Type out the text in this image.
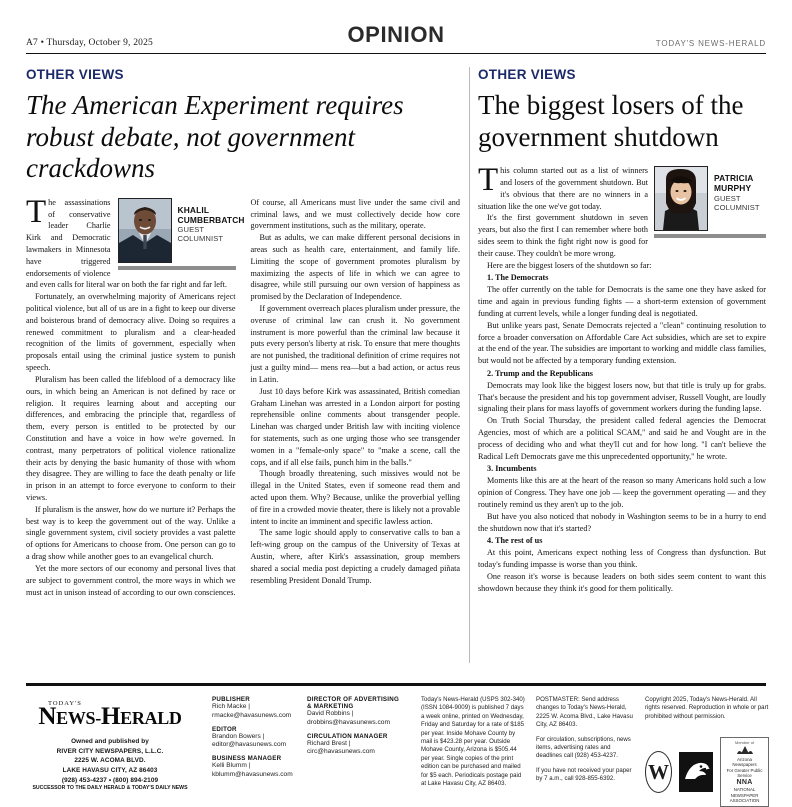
A7 • Thursday, October 9, 2025	OPINION	TODAY'S NEWS-HERALD
OTHER VIEWS
The American Experiment requires robust debate, not government crackdowns
KHALIL
CUMBERBATCH
GUEST
COLUMNIST

The assassinations of conservative leader Charlie Kirk and Democratic lawmakers in Minnesota have triggered endorsements of violence and even calls for literal war on both the far right and far left.

Fortunately, an overwhelming majority of Americans reject political violence, but all of us are in a fight to keep our diverse and boisterous brand of democracy alive. Doing so requires a renewed commitment to pluralism and a clear-headed recognition of the limits of government, especially when proposals entail using the criminal justice system to punish speech.

Pluralism has been called the lifeblood of a democracy like ours, in which being an American is not defined by race or religion. It requires learning about and accepting our differences, and embracing the principle that, regardless of them, every person is entitled to be protected by our Constitution and have a voice in how we're governed. In contrast, many perpetrators of political violence rationalize their acts by denying the basic humanity of those with whom they disagree. They are willing to face the death penalty or life in prison in an attempt to force everyone to conform to their views.

If pluralism is the answer, how do we nurture it? Perhaps the best way is to keep the government out of the way. Unlike a single government system, civil society provides a vast palette of options for Americans to choose from. One person can go to a drag show while another goes to an evangelical church.

Yet the more sectors of our economy and personal lives that are subject to government control, the more ways in which we must act in unison instead of according to our own consciences. Of course, all Americans must live under the same civil and criminal laws, and we must collectively decide how core government institutions, such as the military, operate.

But as adults, we can make different personal decisions in areas such as health care, entertainment, and family life. Limiting the scope of government promotes pluralism by maximizing the aspects of life in which we can agree to disagree, while still pursuing our own version of happiness as promised by the Declaration of Independence.

If government overreach places pluralism under pressure, the overuse of criminal law can crush it. No government instrument is more powerful than the criminal law because it puts every person's liberty at risk. To ensure that mere thoughts are not punished, the traditional definition of crime requires not just a guilty mind— mens rea—but a bad action, or actus reus in Latin.

Just 10 days before Kirk was assassinated, British comedian Graham Linehan was arrested in a London airport for posting reprehensible online comments about transgender people. Linehan was charged under British law with inciting violence for statements, such as one urging those who see transgender women in a "female-only space" to "make a scene, call the cops, and if all else fails, punch him in the balls."

Though broadly threatening, such missives would not be illegal in the United States, even if someone read them and acted upon them. Why? Because, unlike the proverbial yelling of fire in a crowded movie theater, there is likely not a provable intent to incite an imminent and specific lawless action.

The same logic should apply to conservative calls to ban a left-wing group on the campus of the University of Texas at Austin, where, after Kirk's assassination, group members shared a social media post depicting a crudely damaged piñata resembling President Donald Trump.

OTHER VIEWS
The biggest losers of the government shutdown
PATRICIA
MURPHY
GUEST
COLUMNIST

This column started out as a list of winners and losers of the government shutdown. But it's obvious that there are no winners in a situation like the one we've got today.

It's the first government shutdown in seven years, but also the first I can remember where both sides seem to think the fight right now is good for their cause. They couldn't be more wrong.

Here are the biggest losers of the shutdown so far:

1. The Democrats

The offer currently on the table for Democrats is the same one they have asked for time and again in previous funding fights — a short-term extension of government funding at current levels, while a longer funding deal is negotiated.

But unlike years past, Senate Democrats rejected a "clean" continuing resolution to force a broader conversation on Affordable Care Act subsidies, which are set to expire at the end of the year. The subsidies are important to working and middle class families, but would not be affected by a temporary funding extension.

2. Trump and the Republicans

Democrats may look like the biggest losers now, but that title is truly up for grabs. That's because the president and his top government adviser, Russell Vought, are loudly signaling their plans for mass layoffs of government workers during the funding lapse.

On Truth Social Thursday, the president called federal agencies the Democrat Agencies, most of which are a political SCAM," and said he and Vought are in the process of deciding who and what they'll cut and for how long. "I can't believe the Radical Left Democrats gave me this unprecedented opportunity," he wrote.

3. Incumbents

Moments like this are at the heart of the reason so many Americans hold such a low opinion of Congress. They have one job — keep the government operating — and they routinely remind us they aren't up to the job.

But have you also noticed that nobody in Washington seems to be in a hurry to end the shutdown now that it's started?

4. The rest of us

At this point, Americans expect nothing less of Congress than dysfunction. But today's funding impasse is worse than you think.

One reason it's worse is because leaders on both sides seem content to want this showdown because they think it's good for them politically.

TODAY'S
NEWS-HERALD
Owned and published by
RIVER CITY NEWSPAPERS, L.L.C.
2225 W. ACOMA BLVD.
LAKE HAVASU CITY, AZ 86403
(928) 453-4237 • (800) 894-2109
SUCCESSOR TO THE DAILY HERALD & TODAY'S DAILY NEWS
PUBLISHER
Rich Macke | rmacke@havasunews.com
EDITOR
Brandon Bowers | editor@havasunews.com
BUSINESS MANAGER
Kelli Blumm | kblumm@havasunews.com
DIRECTOR OF ADVERTISING & MARKETING
David Robbins | drobbins@havasunews.com
CIRCULATION MANAGER
Richard Brest | circ@havasunews.com

Today's News-Herald (USPS 302-340) (ISSN 1084-9009) is published 7 days a week online, printed on Wednesday, Friday and Saturday for a rate of $185 per year. Inside Mohave County by mail is $423.28 per year. Outside Mohave County, Arizona is $505.44 per year. Single copies of the print edition can be purchased and mailed for $5 each. Periodicals postage paid at Lake Havasu City, AZ 86403.

POSTMASTER: Send address changes to Today's News-Herald, 2225 W. Acoma Blvd., Lake Havasu City, AZ 86403.

For circulation, subscriptions, news items, advertising rates and deadlines call (928) 453-4237.

If you have not received your paper by 7 a.m., call 928-855-6392.

Copyright 2025, Today's News-Herald. All rights reserved. Reproduction in whole or part prohibited without permission.

W
Member of
Arizona Newspapers
For Greater Public Service
NNA
NATIONAL NEWSPAPER
ASSOCIATION
